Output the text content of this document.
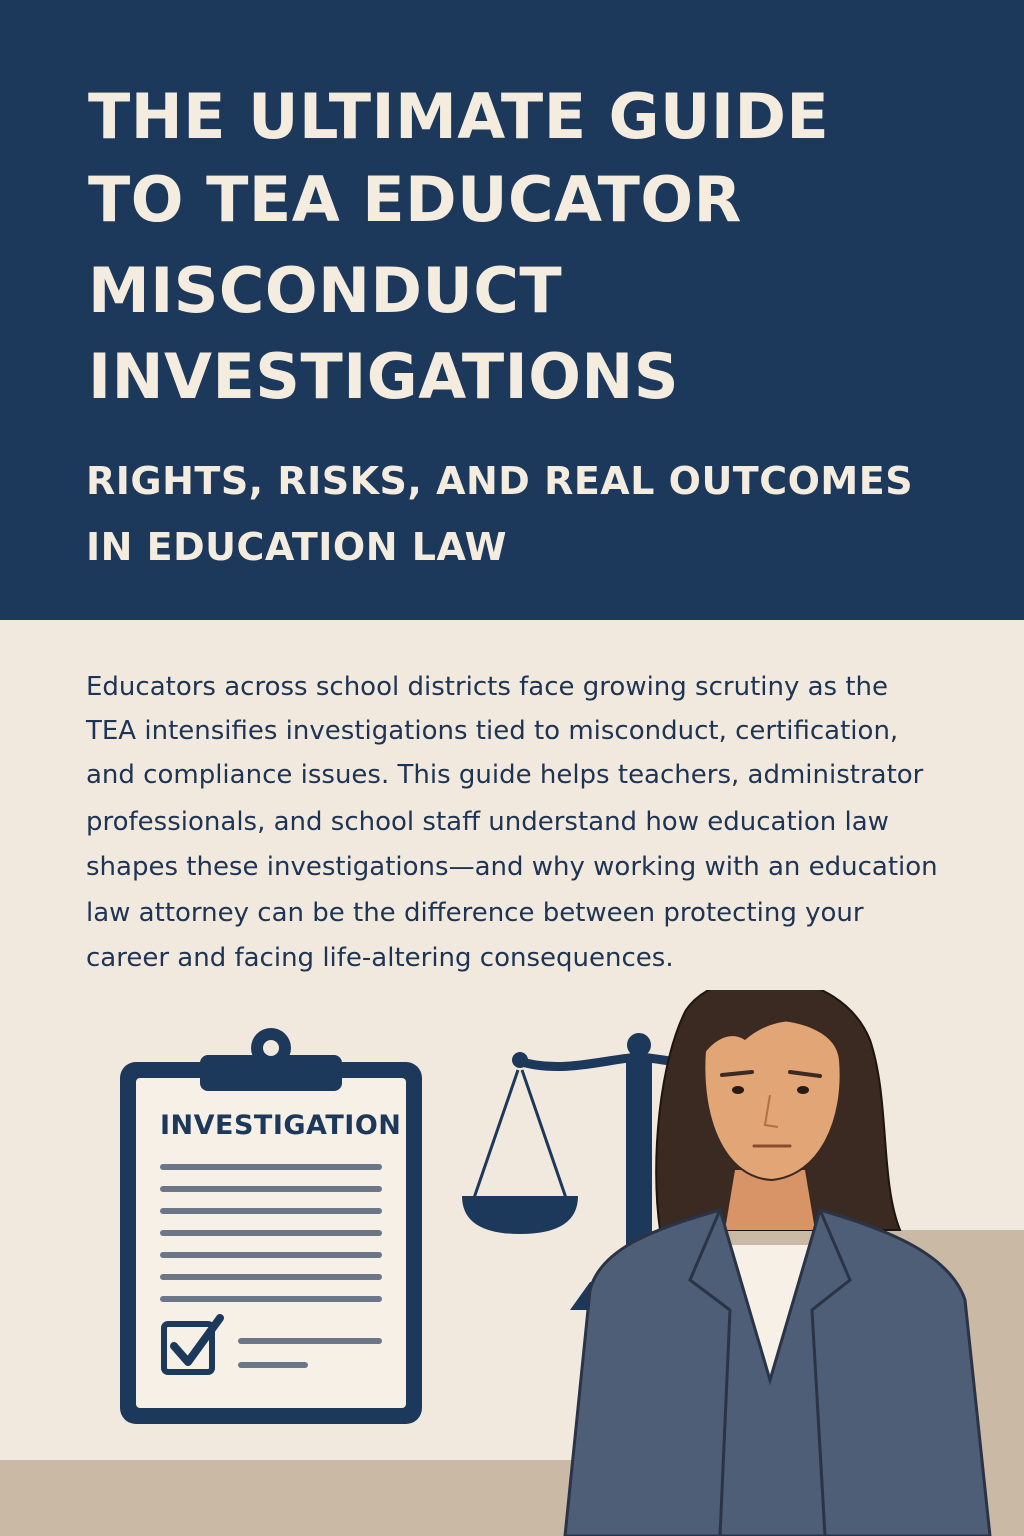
THE ULTIMATE GUIDE
TO TEA EDUCATOR
MISCONDUCT
INVESTIGATIONS
RIGHTS, RISKS, AND REAL OUTCOMES
IN EDUCATION LAW
Educators across school districts face growing scrutiny as the
TEA intensifies investigations tied to misconduct, certification,
and compliance issues. This guide helps teachers, administrator
professionals, and school staff understand how education law
shapes these investigations—and why working with an education
law attorney can be the difference between protecting your
career and facing life-altering consequences.
INVESTIGATION
